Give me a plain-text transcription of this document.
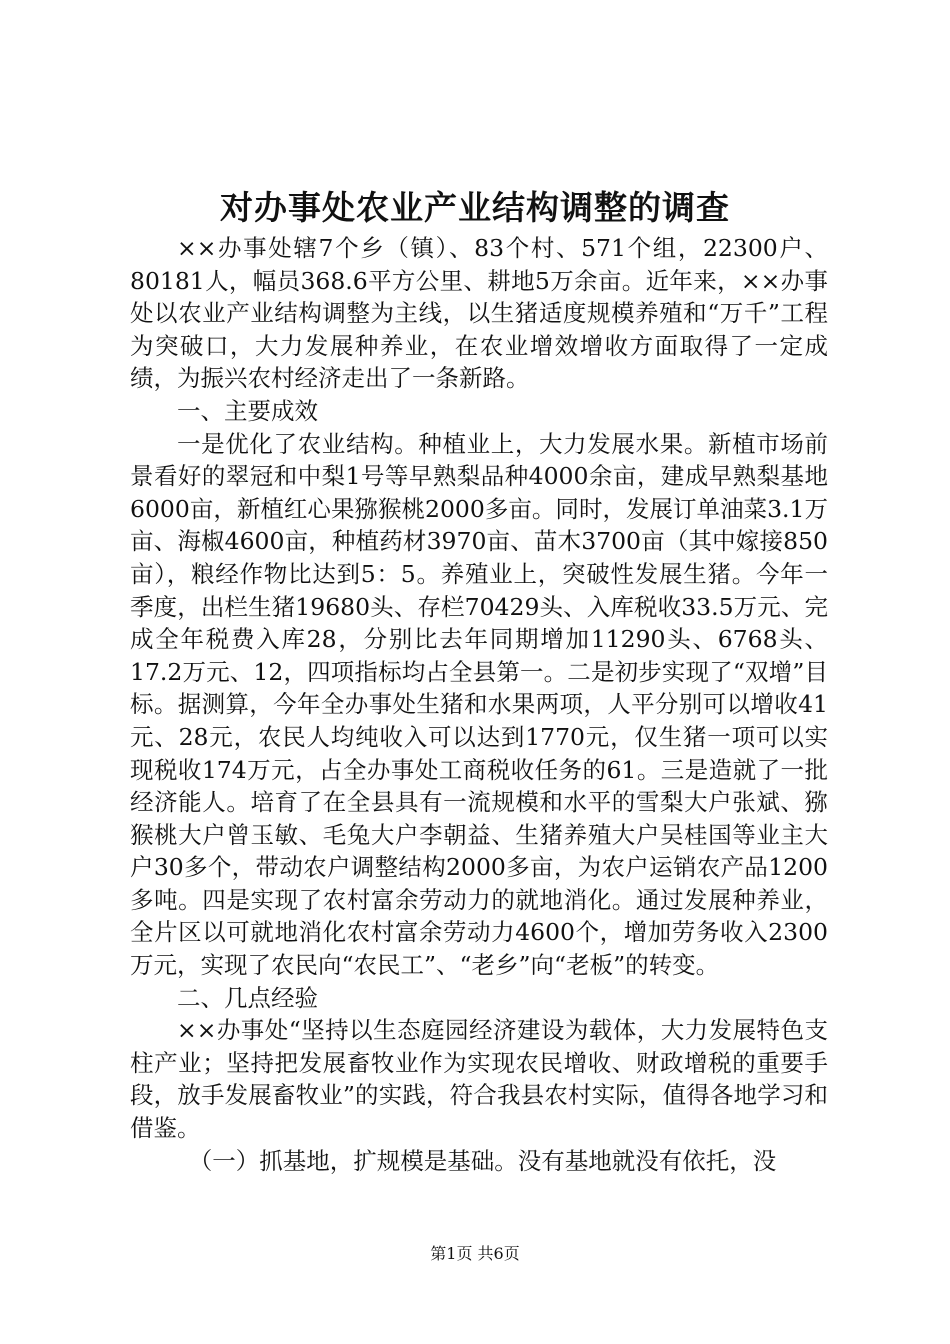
对办事处农业产业结构调整的调查

××办事处辖7个乡（镇）、83个村、571个组，22300户、80181人，幅员368.6平方公里、耕地5万余亩。近年来，××办事处以农业产业结构调整为主线，以生猪适度规模养殖和“万千”工程为突破口，大力发展种养业，在农业增效增收方面取得了一定成绩，为振兴农村经济走出了一条新路。

一、主要成效

一是优化了农业结构。种植业上，大力发展水果。新植市场前景看好的翠冠和中梨1号等早熟梨品种4000余亩，建成早熟梨基地6000亩，新植红心果猕猴桃2000多亩。同时，发展订单油菜3.1万亩、海椒4600亩，种植药材3970亩、苗木3700亩（其中嫁接850亩），粮经作物比达到5：5。养殖业上，突破性发展生猪。今年一季度，出栏生猪19680头、存栏70429头、入库税收33.5万元、完成全年税费入库28，分别比去年同期增加11290头、6768头、17.2万元、12，四项指标均占全县第一。二是初步实现了“双增”目标。据测算，今年全办事处生猪和水果两项，人平分别可以增收41元、28元，农民人均纯收入可以达到1770元，仅生猪一项可以实现税收174万元，占全办事处工商税收任务的61。三是造就了一批经济能人。培育了在全县具有一流规模和水平的雪梨大户张斌、猕猴桃大户曾玉敏、毛兔大户李朝益、生猪养殖大户吴桂国等业主大户30多个，带动农户调整结构2000多亩，为农户运销农产品1200多吨。四是实现了农村富余劳动力的就地消化。通过发展种养业，全片区以可就地消化农村富余劳动力4600个，增加劳务收入2300万元，实现了农民向“农民工”、“老乡”向“老板”的转变。

二、几点经验

××办事处“坚持以生态庭园经济建设为载体，大力发展特色支柱产业；坚持把发展畜牧业作为实现农民增收、财政增税的重要手段，放手发展畜牧业”的实践，符合我县农村实际，值得各地学习和借鉴。

（一）抓基地，扩规模是基础。没有基地就没有依托，没

第1页 共6页
